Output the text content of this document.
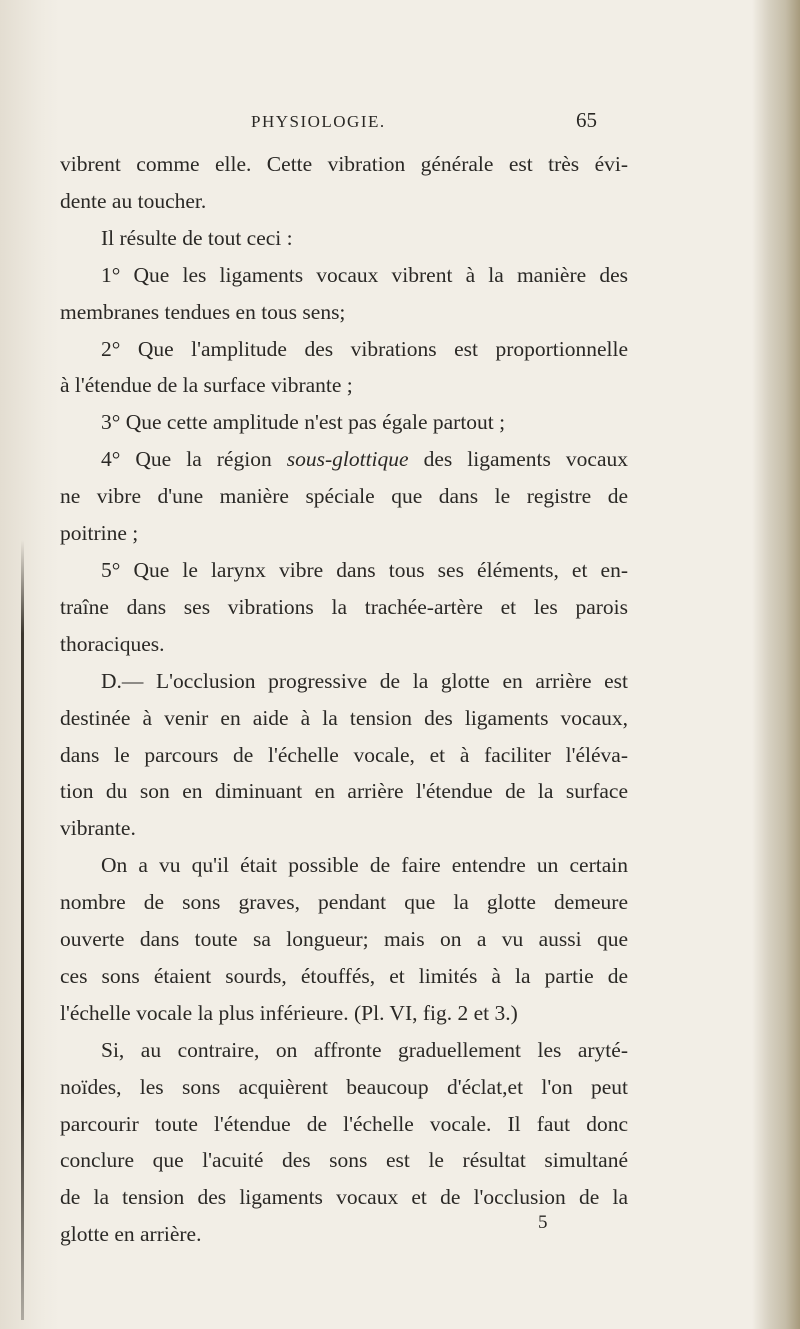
PHYSIOLOGIE.	65
vibrent comme elle. Cette vibration générale est très évi-
dente au toucher.
Il résulte de tout ceci :
1° Que les ligaments vocaux vibrent à la manière des
membranes tendues en tous sens;
2° Que l'amplitude des vibrations est proportionnelle
à l'étendue de la surface vibrante ;
3° Que cette amplitude n'est pas égale partout ;
4° Que la région sous-glottique des ligaments vocaux
ne vibre d'une manière spéciale que dans le registre de
poitrine ;
5° Que le larynx vibre dans tous ses éléments, et en-
traîne dans ses vibrations la trachée-artère et les parois
thoraciques.
D.— L'occlusion progressive de la glotte en arrière est
destinée à venir en aide à la tension des ligaments vocaux,
dans le parcours de l'échelle vocale, et à faciliter l'éléva-
tion du son en diminuant en arrière l'étendue de la surface
vibrante.
On a vu qu'il était possible de faire entendre un certain
nombre de sons graves, pendant que la glotte demeure
ouverte dans toute sa longueur; mais on a vu aussi que
ces sons étaient sourds, étouffés, et limités à la partie de
l'échelle vocale la plus inférieure. (Pl. VI, fig. 2 et 3.)
Si, au contraire, on affronte graduellement les aryté-
noïdes, les sons acquièrent beaucoup d'éclat,et l'on peut
parcourir toute l'étendue de l'échelle vocale. Il faut donc
conclure que l'acuité des sons est le résultat simultané
de la tension des ligaments vocaux et de l'occlusion de la
glotte en arrière.	5
